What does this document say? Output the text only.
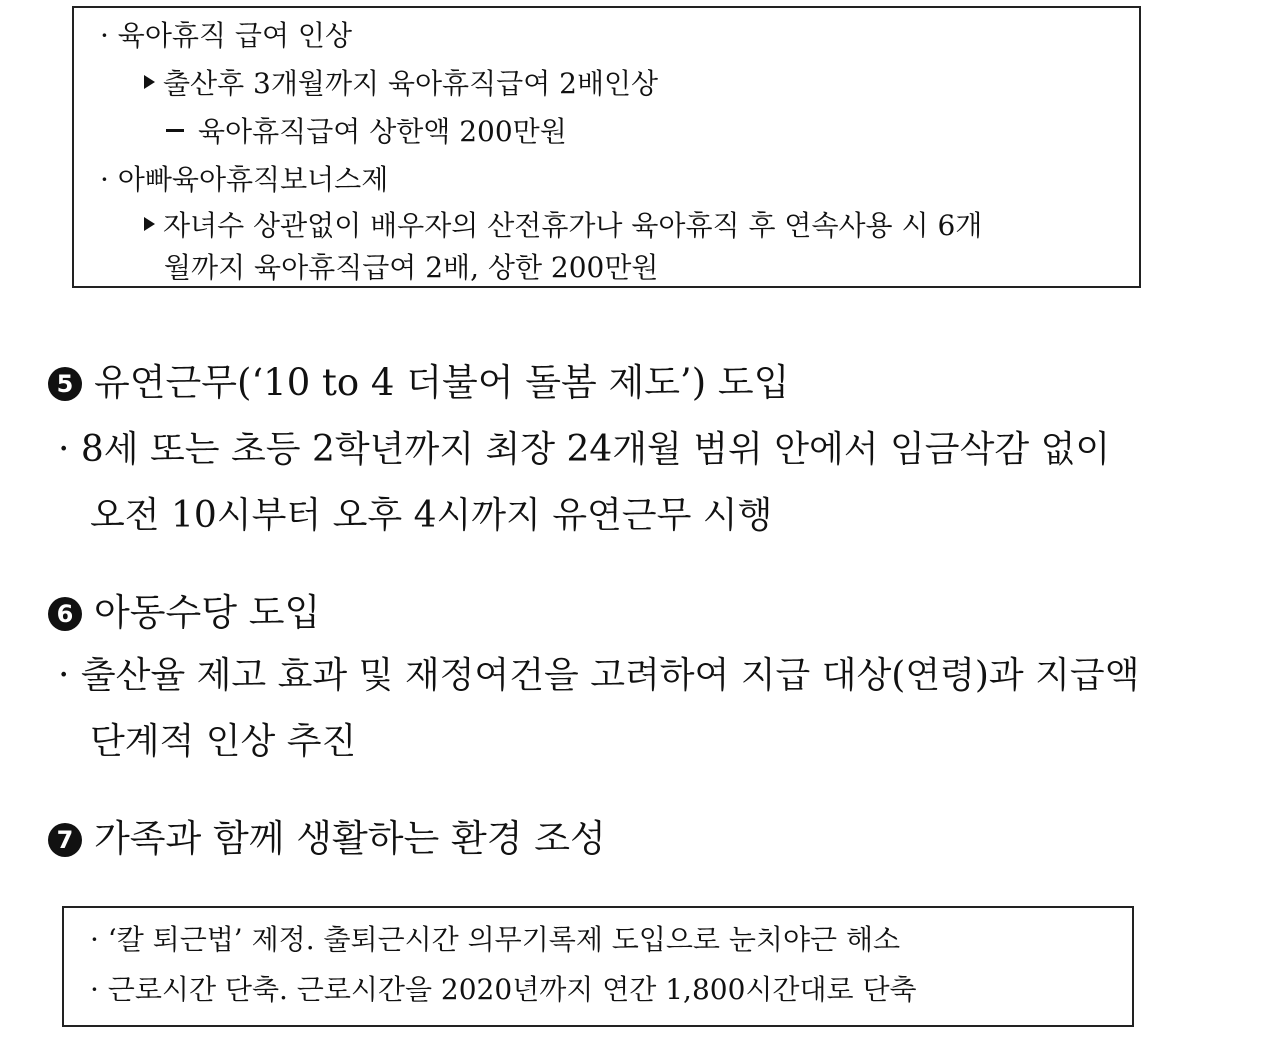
· 육아휴직 급여 인상
출산후 3개월까지 육아휴직급여 2배인상
육아휴직급여 상한액 200만원
· 아빠육아휴직보너스제
자녀수 상관없이 배우자의 산전휴가나 육아휴직 후 연속사용 시 6개
월까지 육아휴직급여 2배, 상한 200만원
5 유연근무(‘10 to 4 더불어 돌봄 제도’) 도입
· 8세 또는 초등 2학년까지 최장 24개월 범위 안에서 임금삭감 없이
오전 10시부터 오후 4시까지 유연근무 시행
6 아동수당 도입
· 출산율 제고 효과 및 재정여건을 고려하여 지급 대상(연령)과 지급액
단계적 인상 추진
7 가족과 함께 생활하는 환경 조성
· ‘칼 퇴근법’ 제정. 출퇴근시간 의무기록제 도입으로 눈치야근 해소
· 근로시간 단축. 근로시간을 2020년까지 연간 1,800시간대로 단축
